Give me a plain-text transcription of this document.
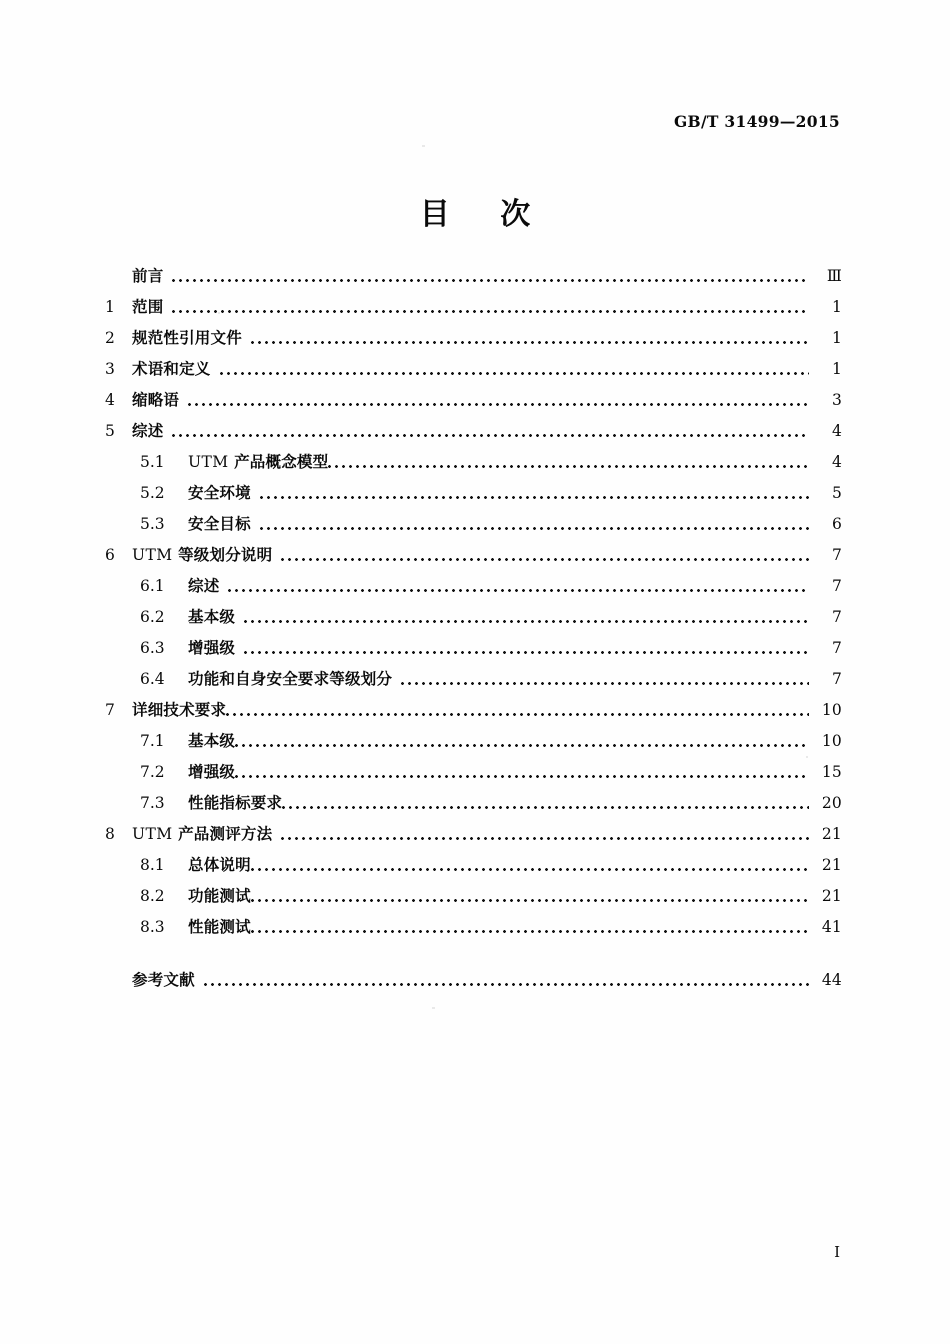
GB/T 31499—2015
目 次
前言	Ⅲ
1	范围	1
2	规范性引用文件	1
3	术语和定义	1
4	缩略语	3
5	综述	4
5.1	UTM 产品概念模型	4
5.2	安全环境	5
5.3	安全目标	6
6	UTM 等级划分说明	7
6.1	综述	7
6.2	基本级	7
6.3	增强级	7
6.4	功能和自身安全要求等级划分	7
7	详细技术要求	10
7.1	基本级	10
7.2	增强级	15
7.3	性能指标要求	20
8	UTM 产品测评方法	21
8.1	总体说明	21
8.2	功能测试	21
8.3	性能测试	41
参考文献	44
I
